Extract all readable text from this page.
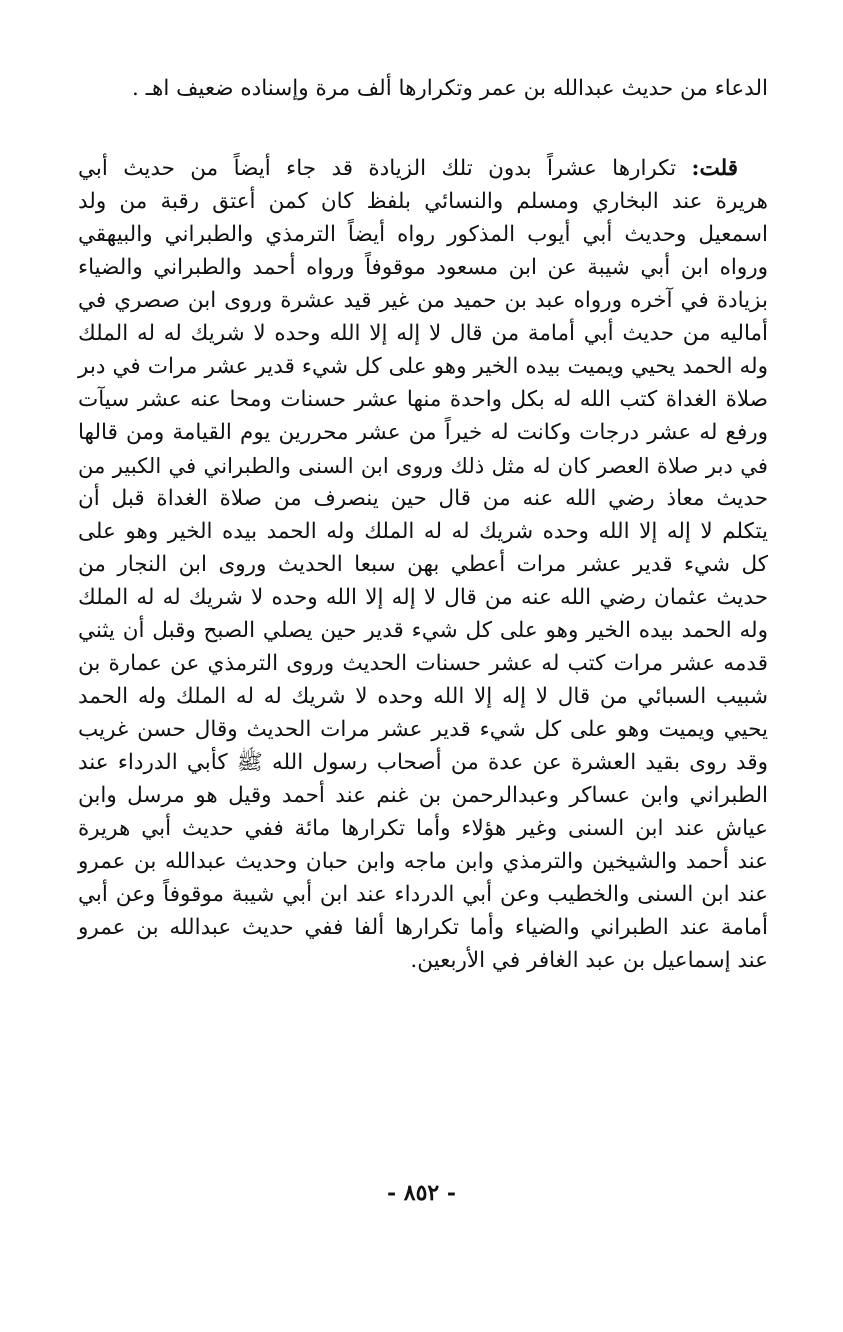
الدعاء من حديث عبدالله بن عمر وتكرارها ألف مرة وإسناده ضعيف اهـ .
قلت: تكرارها عشراً بدون تلك الزيادة قد جاء أيضاً من حديث أبي
هريرة عند البخاري ومسلم والنسائي بلفظ كان كمن أعتق رقبة من ولد
اسمعيل وحديث أبي أيوب المذكور رواه أيضاً الترمذي والطبراني والبيهقي
ورواه ابن أبي شيبة عن ابن مسعود موقوفاً ورواه أحمد والطبراني والضياء
بزيادة في آخره ورواه عبد بن حميد من غير قيد عشرة وروى ابن صصري في
أماليه من حديث أبي أمامة من قال لا إله إلا الله وحده لا شريك له له الملك
وله الحمد يحيي ويميت بيده الخير وهو على كل شيء قدير عشر مرات في دبر
صلاة الغداة كتب الله له بكل واحدة منها عشر حسنات ومحا عنه عشر سيآت
ورفع له عشر درجات وكانت له خيراً من عشر محررين يوم القيامة ومن قالها
في دبر صلاة العصر كان له مثل ذلك وروى ابن السنى والطبراني في الكبير من
حديث معاذ رضي الله عنه من قال حين ينصرف من صلاة الغداة قبل أن
يتكلم لا إله إلا الله وحده شريك له له الملك وله الحمد بيده الخير وهو على
كل شيء قدير عشر مرات أعطي بهن سبعا الحديث وروى ابن النجار من
حديث عثمان رضي الله عنه من قال لا إله إلا الله وحده لا شريك له له الملك
وله الحمد بيده الخير وهو على كل شيء قدير حين يصلي الصبح وقبل أن يثني
قدمه عشر مرات كتب له عشر حسنات الحديث وروى الترمذي عن عمارة بن
شبيب السبائي من قال لا إله إلا الله وحده لا شريك له له الملك وله الحمد
يحيي ويميت وهو على كل شيء قدير عشر مرات الحديث وقال حسن غريب
وقد روى بقيد العشرة عن عدة من أصحاب رسول الله ﷺ كأبي الدرداء عند
الطبراني وابن عساكر وعبدالرحمن بن غنم عند أحمد وقيل هو مرسل وابن
عياش عند ابن السنى وغير هؤلاء وأما تكرارها مائة ففي حديث أبي هريرة
عند أحمد والشيخين والترمذي وابن ماجه وابن حبان وحديث عبدالله بن عمرو
عند ابن السنى والخطيب وعن أبي الدرداء عند ابن أبي شيبة موقوفاً وعن أبي
أمامة عند الطبراني والضياء وأما تكرارها ألفا ففي حديث عبدالله بن عمرو
عند إسماعيل بن عبد الغافر في الأربعين.
- ٨٥٢ -
